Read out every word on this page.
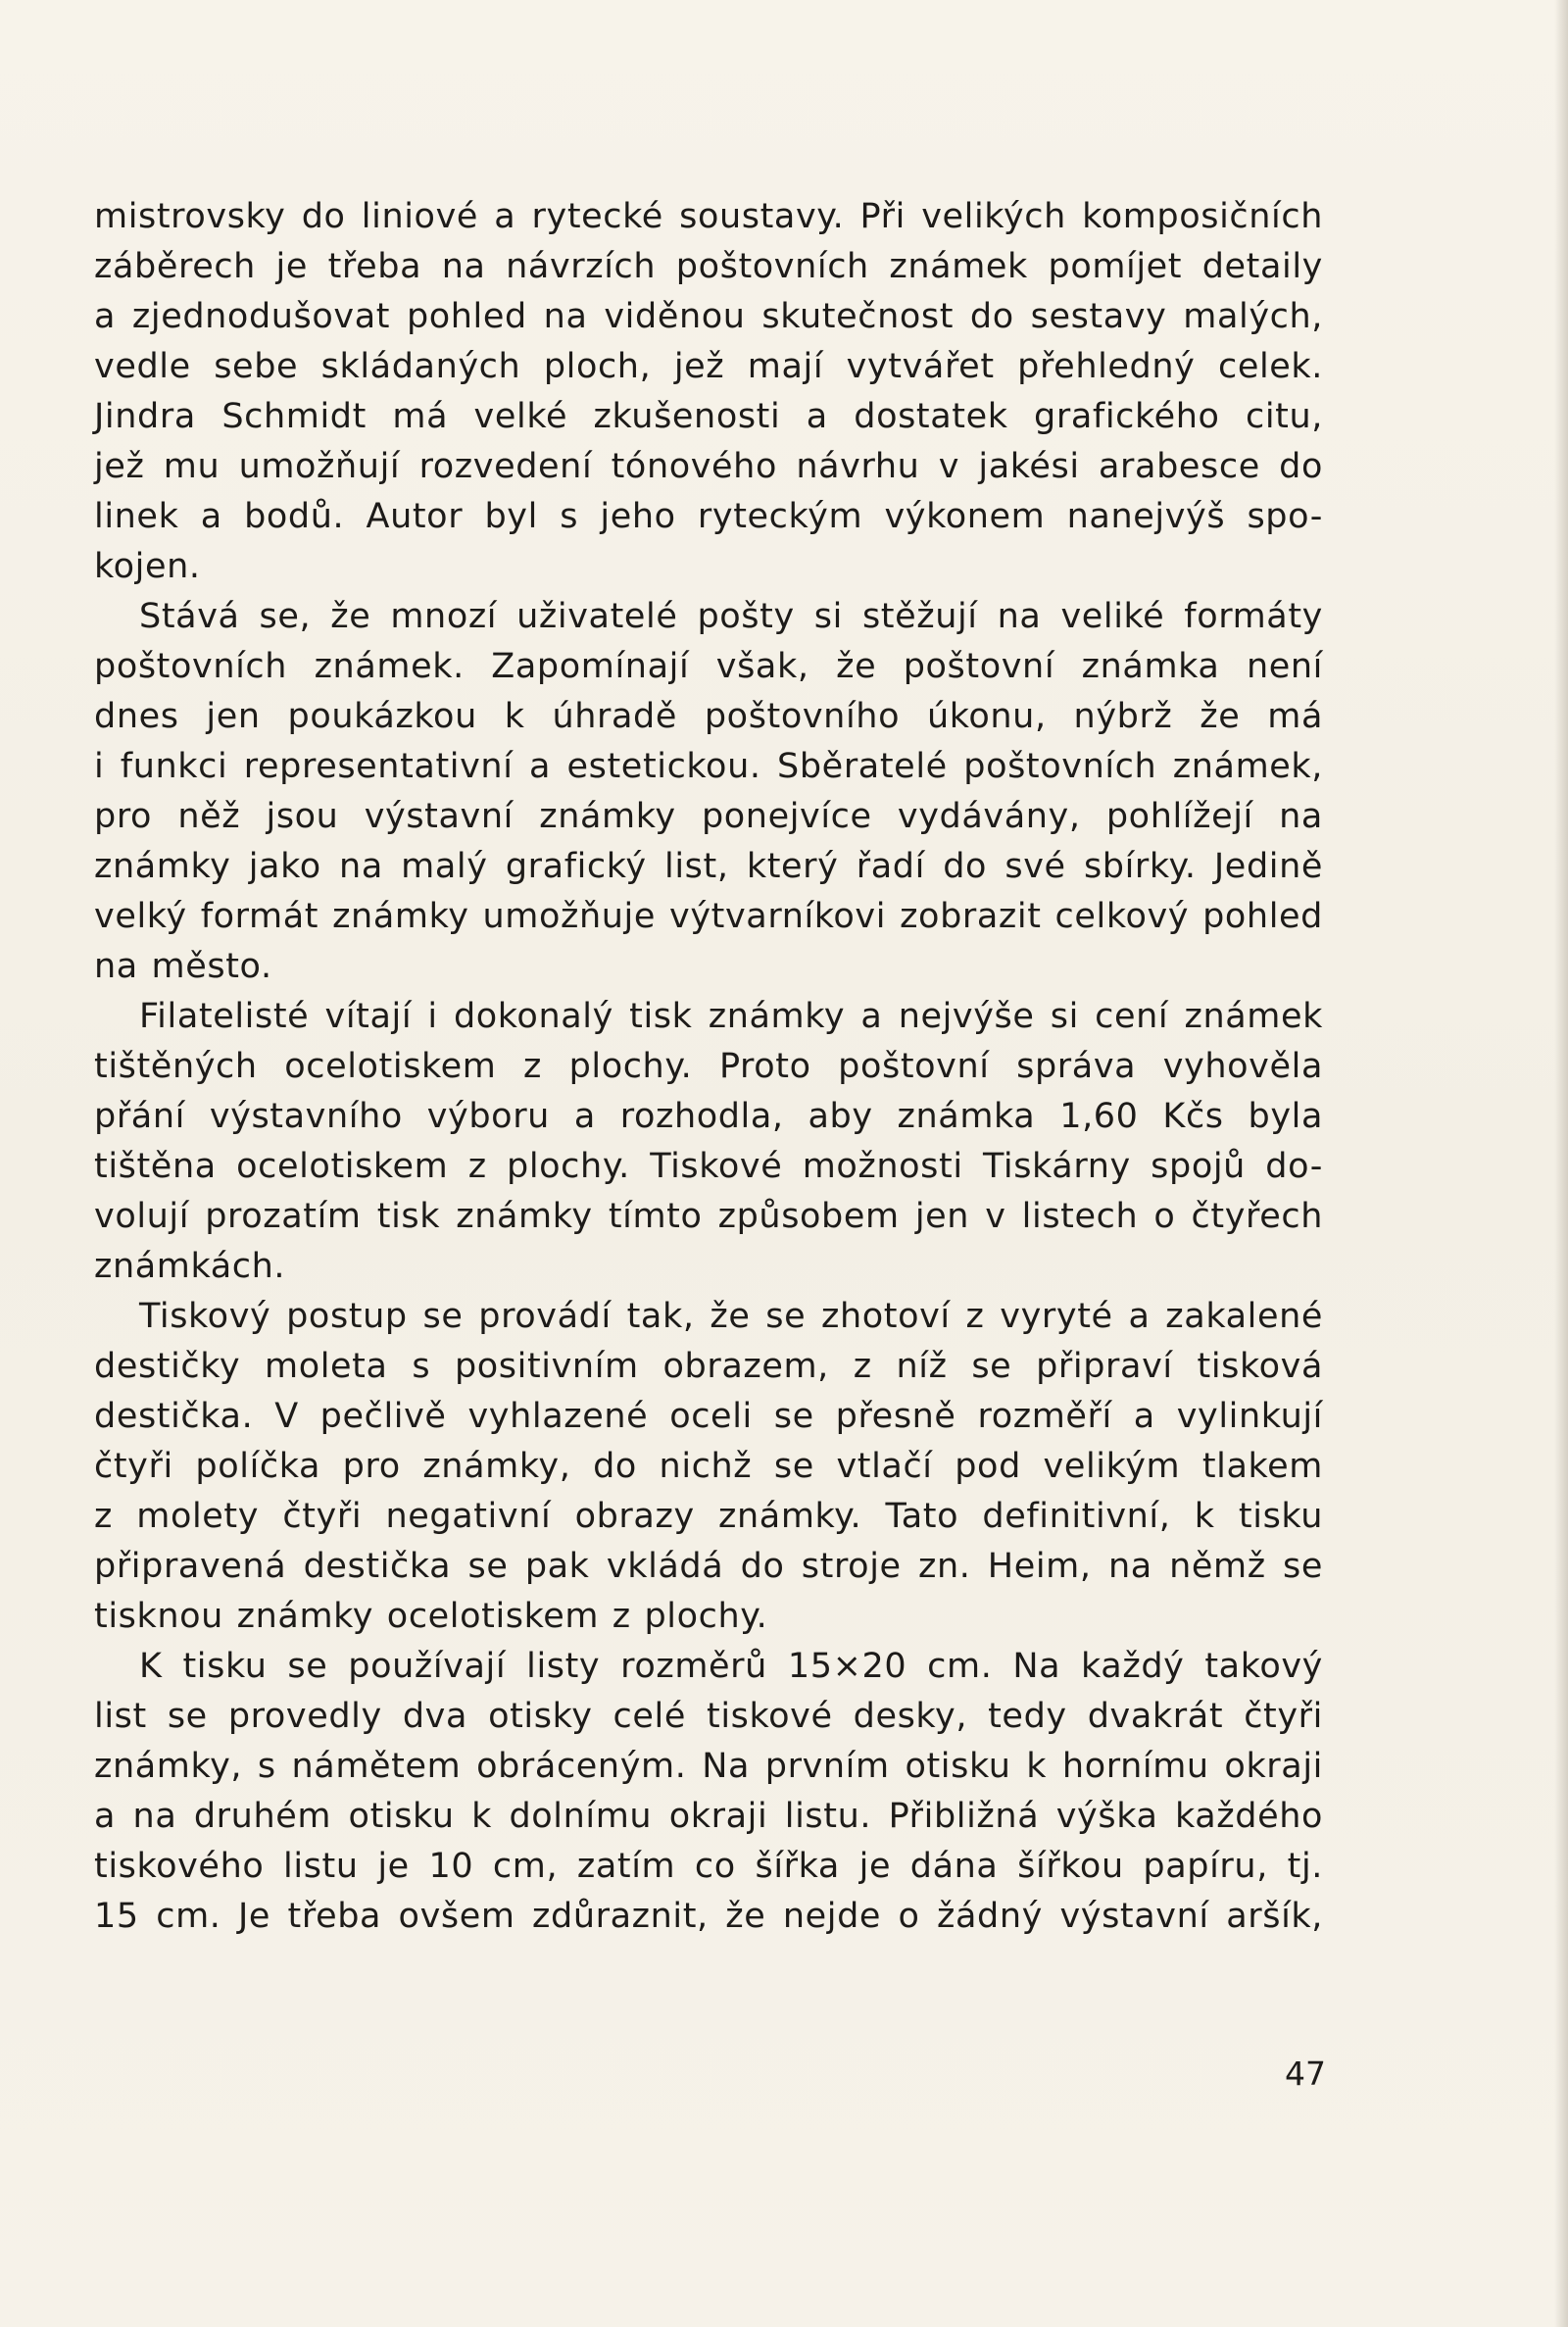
mistrovsky do liniové a rytecké soustavy. Při velikých komposičních
záběrech je třeba na návrzích poštovních známek pomíjet detaily
a zjednodušovat pohled na viděnou skutečnost do sestavy malých,
vedle sebe skládaných ploch, jež mají vytvářet přehledný celek.
Jindra Schmidt má velké zkušenosti a dostatek grafického citu,
jež mu umožňují rozvedení tónového návrhu v jakési arabesce do
linek a bodů. Autor byl s jeho ryteckým výkonem nanejvýš spo-
kojen.
Stává se, že mnozí uživatelé pošty si stěžují na veliké formáty
poštovních známek. Zapomínají však, že poštovní známka není
dnes jen poukázkou k úhradě poštovního úkonu, nýbrž že má
i funkci representativní a estetickou. Sběratelé poštovních známek,
pro něž jsou výstavní známky ponejvíce vydávány, pohlížejí na
známky jako na malý grafický list, který řadí do své sbírky. Jedině
velký formát známky umožňuje výtvarníkovi zobrazit celkový pohled
na město.
Filatelisté vítají i dokonalý tisk známky a nejvýše si cení známek
tištěných ocelotiskem z plochy. Proto poštovní správa vyhověla
přání výstavního výboru a rozhodla, aby známka 1,60 Kčs byla
tištěna ocelotiskem z plochy. Tiskové možnosti Tiskárny spojů do-
volují prozatím tisk známky tímto způsobem jen v listech o čtyřech
známkách.
Tiskový postup se provádí tak, že se zhotoví z vyryté a zakalené
destičky moleta s positivním obrazem, z níž se připraví tisková
destička. V pečlivě vyhlazené oceli se přesně rozměří a vylinkují
čtyři políčka pro známky, do nichž se vtlačí pod velikým tlakem
z molety čtyři negativní obrazy známky. Tato definitivní, k tisku
připravená destička se pak vkládá do stroje zn. Heim, na němž se
tisknou známky ocelotiskem z plochy.
K tisku se používají listy rozměrů 15×20 cm. Na každý takový
list se provedly dva otisky celé tiskové desky, tedy dvakrát čtyři
známky, s námětem obráceným. Na prvním otisku k hornímu okraji
a na druhém otisku k dolnímu okraji listu. Přibližná výška každého
tiskového listu je 10 cm, zatím co šířka je dána šířkou papíru, tj.
15 cm. Je třeba ovšem zdůraznit, že nejde o žádný výstavní aršík,
47
